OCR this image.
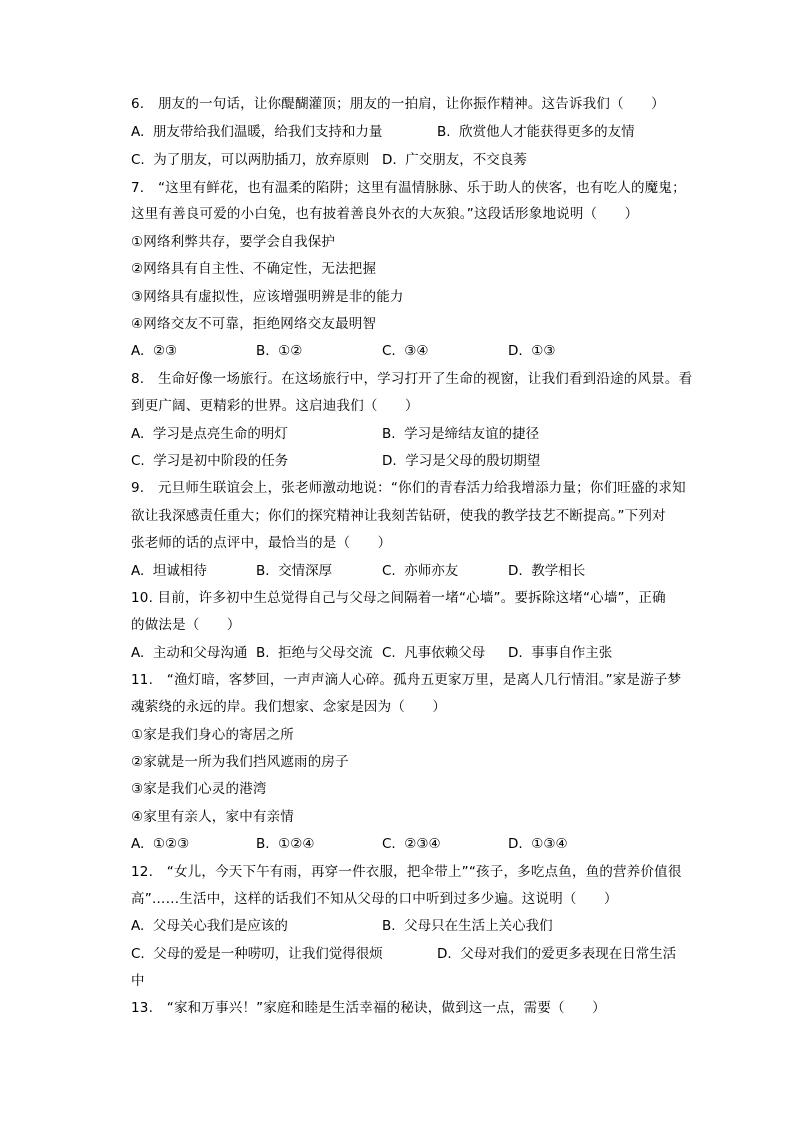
6.　朋友的一句话，让你醍醐灌顶；朋友的一拍肩，让你振作精神。这告诉我们（　　）
A.  朋友带给我们温暖，给我们支持和力量	B.  欣赏他人才能获得更多的友情
C.  为了朋友，可以两肋插刀，放弃原则 D.  广交朋友，不交良莠
7.　“这里有鲜花，也有温柔的陷阱；这里有温情脉脉、乐于助人的侠客，也有吃人的魔鬼；
这里有善良可爱的小白兔，也有披着善良外衣的大灰狼。”这段话形象地说明（　　）
①网络利弊共存，要学会自我保护
②网络具有自主性、不确定性，无法把握
③网络具有虚拟性，应该增强明辨是非的能力
④网络交友不可靠，拒绝网络交友最明智
A.  ②③	B.  ①②	C.  ③④	D.  ①③
8.　生命好像一场旅行。在这场旅行中，学习打开了生命的视窗，让我们看到沿途的风景。看
到更广阔、更精彩的世界。这启迪我们（　　）
A.  学习是点亮生命的明灯	B.  学习是缔结友谊的捷径
C.  学习是初中阶段的任务	D.  学习是父母的殷切期望
9.　元旦师生联谊会上，张老师激动地说：“你们的青春活力给我增添力量；你们旺盛的求知
欲让我深感责任重大；你们的探究精神让我刻苦钻研，使我的教学技艺不断提高。”下列对
张老师的话的点评中，最恰当的是（　　）
A.  坦诚相待	B.  交情深厚	C.  亦师亦友	D.  教学相长
10. 目前，许多初中生总觉得自己与父母之间隔着一堵“心墙”。要拆除这堵“心墙”，正确
的做法是（　　）
A.  主动和父母沟通 B.  拒绝与父母交流 C.  凡事依赖父母 D.  事事自作主张
11.　“渔灯暗，客梦回，一声声滴人心碎。孤舟五更家万里，是离人几行情泪。”家是游子梦
魂萦绕的永远的岸。我们想家、念家是因为（　　）
①家是我们身心的寄居之所
②家就是一所为我们挡风遮雨的房子
③家是我们心灵的港湾
④家里有亲人，家中有亲情
A.  ①②③	B.  ①②④	C.  ②③④	D.  ①③④
12.　“女儿，今天下午有雨，再穿一件衣服，把伞带上”“孩子，多吃点鱼，鱼的营养价值很
高”……生活中，这样的话我们不知从父母的口中听到过多少遍。这说明（　　）
A.  父母关心我们是应该的	B.  父母只在生活上关心我们
C.  父母的爱是一种唠叨，让我们觉得很烦	D.  父母对我们的爱更多表现在日常生活
中
13.　“家和万事兴！”家庭和睦是生活幸福的秘诀，做到这一点，需要（　　）
